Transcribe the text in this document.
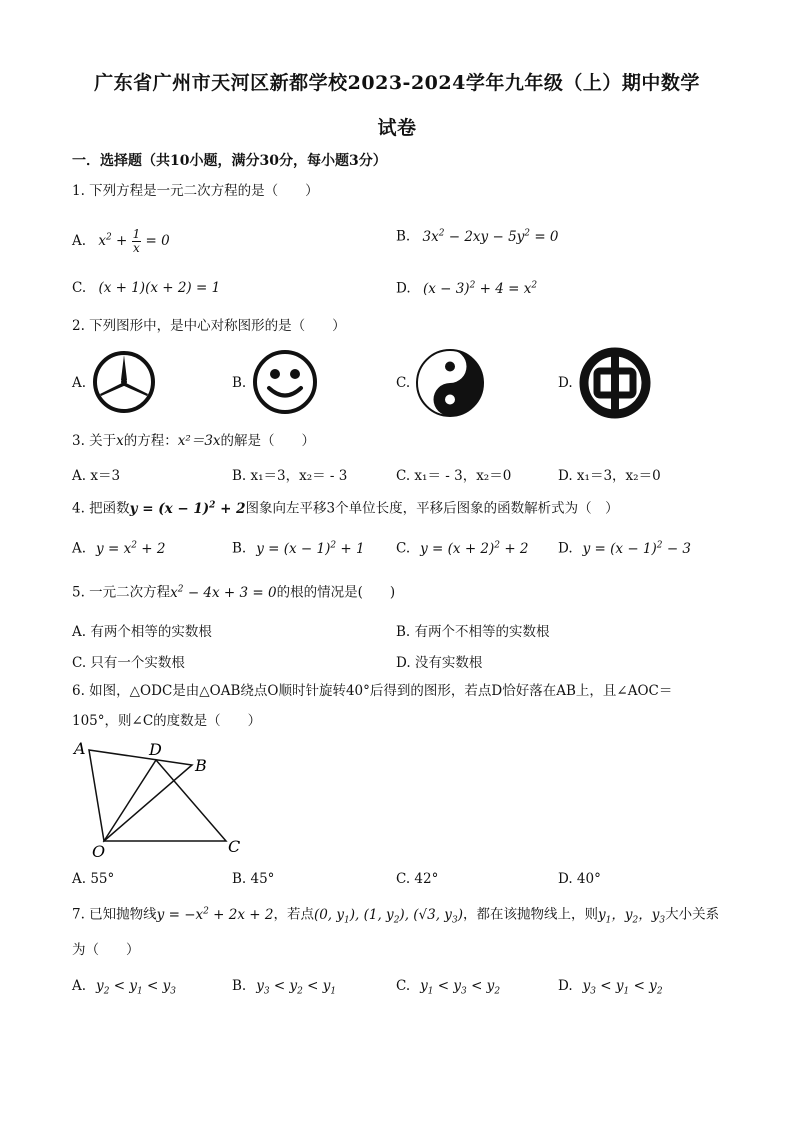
广东省广州市天河区新都学校2023-2024学年九年级（上）期中数学
试卷
一．选择题（共10小题，满分30分，每小题3分）
1. 下列方程是一元二次方程的是（　　）
A. $x^2 + \frac{1}{x} = 0$	B. $3x^2 - 2xy - 5y^2 = 0$
C. (x + 1)(x + 2) = 1	D. $(x - 3)^2 + 4 = x^2$
2. 下列图形中，是中心对称图形的是（　　）
A.	B.	C.	D.
3. 关于x的方程：x²＝3x的解是（　　）
A. x＝3	B. x₁＝3，x₂＝ - 3	C. x₁＝ - 3，x₂＝0	D. x₁＝3，x₂＝0
4. 把函数$y = (x - 1)^2 + 2$图象向左平移3个单位长度，平移后图象的函数解析式为（　）
A. $y = x^2 + 2$	B. $y = (x - 1)^2 + 1$ C. $y = (x + 2)^2 + 2$ D. $y = (x - 1)^2 - 3$
5. 一元二次方程$x^2 - 4x + 3 = 0$的根的情况是(　　)
A. 有两个相等的实数根	B. 有两个不相等的实数根
C. 只有一个实数根	D. 没有实数根
6. 如图，△ODC是由△OAB绕点O顺时针旋转40°后得到的图形，若点D恰好落在AB上，且∠AOC＝
105°，则∠C的度数是（　　）
A	D
B
O	C
A. 55°	B. 45°	C. 42°	D. 40°
7. 已知抛物线$y = -x^2 + 2x + 2$，若点(0, $y_1$), (1, $y_2$), (√3, $y_3$)，都在该抛物线上，则$y_1$，$y_2$，$y_3$大小关系
为（　　）
A. $y_2 < y_1 < y_3$	B. $y_3 < y_2 < y_1$	C. $y_1 < y_3 < y_2$	D. $y_3 < y_1 < y_2$
